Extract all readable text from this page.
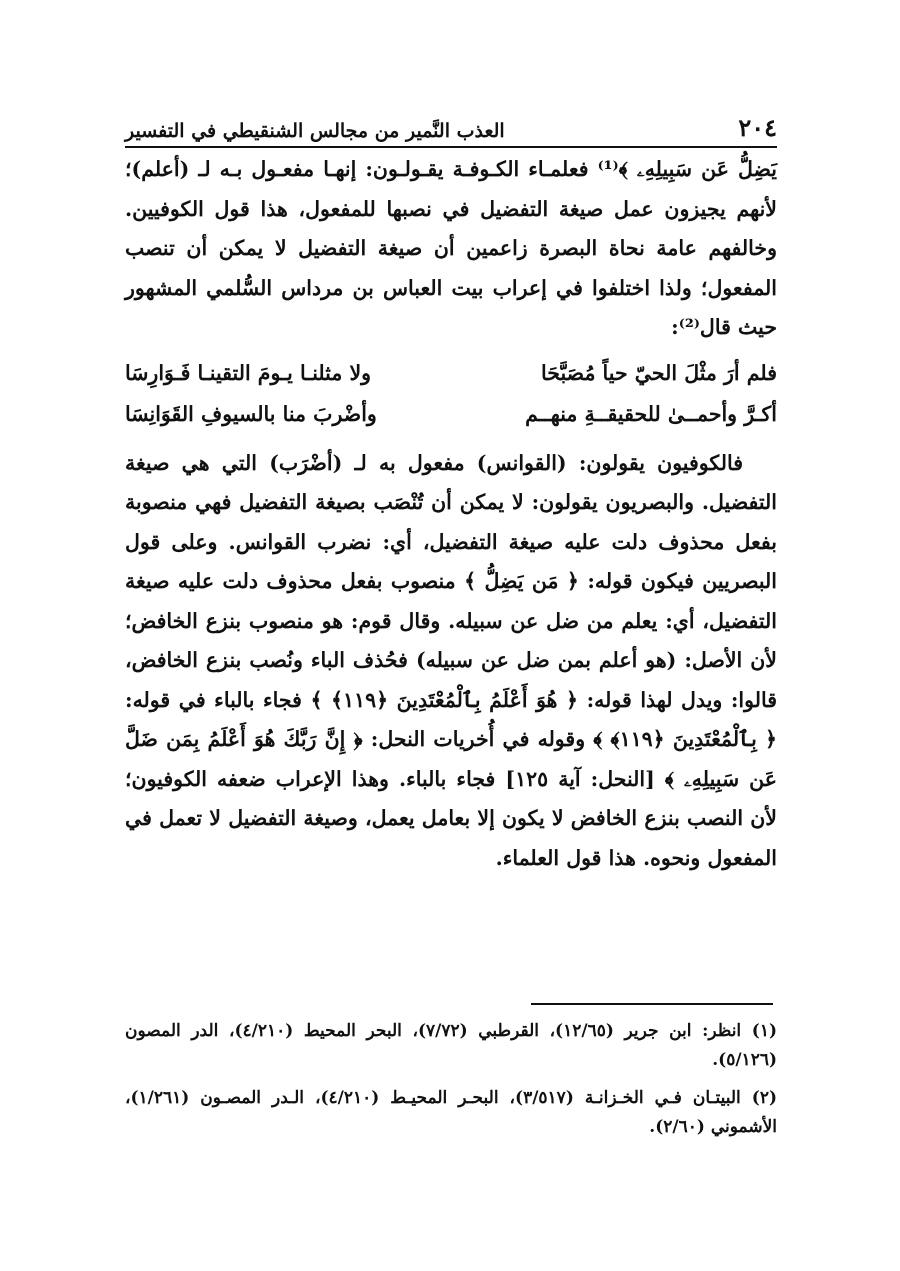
٢٠٤
العذب النَّمير من مجالس الشنقيطي في التفسير

يَضِلُّ عَن سَبِيلِهِۦ ﴾⁽¹⁾ فعلمـاء الكـوفـة يقـولـون: إنهـا مفعـول بـه لـ (أعلم)؛ لأنهم يجيزون عمل صيغة التفضيل في نصبها للمفعول، هذا قول الكوفيين. وخالفهم عامة نحاة البصرة زاعمين أن صيغة التفضيل لا يمكن أن تنصب المفعول؛ ولذا اختلفوا في إعراب بيت العباس بن مرداس السُّلمي المشهور حيث قال⁽²⁾:

فلم أرَ مثْلَ الحيّ حياً مُصَبَّحَا
ولا مثلنـا يـومَ التقينـا فَـوَارِسَا
أكـرَّ وأحمــىٰ للحقيقــةِ منهــم
وأضْربَ منا بالسيوفِ القَوَانِسَا

فالكوفيون يقولون: (القوانس) مفعول به لـ (أضْرَب) التي هي صيغة التفضيل. والبصريون يقولون: لا يمكن أن تُنْصَب بصيغة التفضيل فهي منصوبة بفعل محذوف دلت عليه صيغة التفضيل، أي: نضرب القوانس. وعلى قول البصريين فيكون قوله: ﴿ مَن يَضِلُّ ﴾ منصوب بفعل محذوف دلت عليه صيغة التفضيل، أي: يعلم من ضل عن سبيله. وقال قوم: هو منصوب بنزع الخافض؛ لأن الأصل: (هو أعلم بمن ضل عن سبيله) فحُذف الباء ونُصب بنزع الخافض، قالوا: ويدل لهذا قوله: ﴿ هُوَ أَعْلَمُ بِٱلْمُعْتَدِينَ ﴿١١٩﴾ ﴾ فجاء بالباء في قوله: ﴿ بِٱلْمُعْتَدِينَ ﴿١١٩﴾ ﴾ وقوله في أُخريات النحل: ﴿ إِنَّ رَبَّكَ هُوَ أَعْلَمُ بِمَن ضَلَّ عَن سَبِيلِهِۦ ﴾ [النحل: آية ١٢٥] فجاء بالباء. وهذا الإعراب ضعفه الكوفيون؛ لأن النصب بنزع الخافض لا يكون إلا بعامل يعمل، وصيغة التفضيل لا تعمل في المفعول ونحوه. هذا قول العلماء.

(١) انظر: ابن جرير (١٢/٦٥)، القرطبي (٧/٧٢)، البحر المحيط (٤/٢١٠)، الدر المصون (٥/١٢٦).

(٢) البيتـان فـي الخـزانـة (٣/٥١٧)، البحـر المحيـط (٤/٢١٠)، الـدر المصـون (١/٢٦١)، الأشموني (٢/٦٠).
